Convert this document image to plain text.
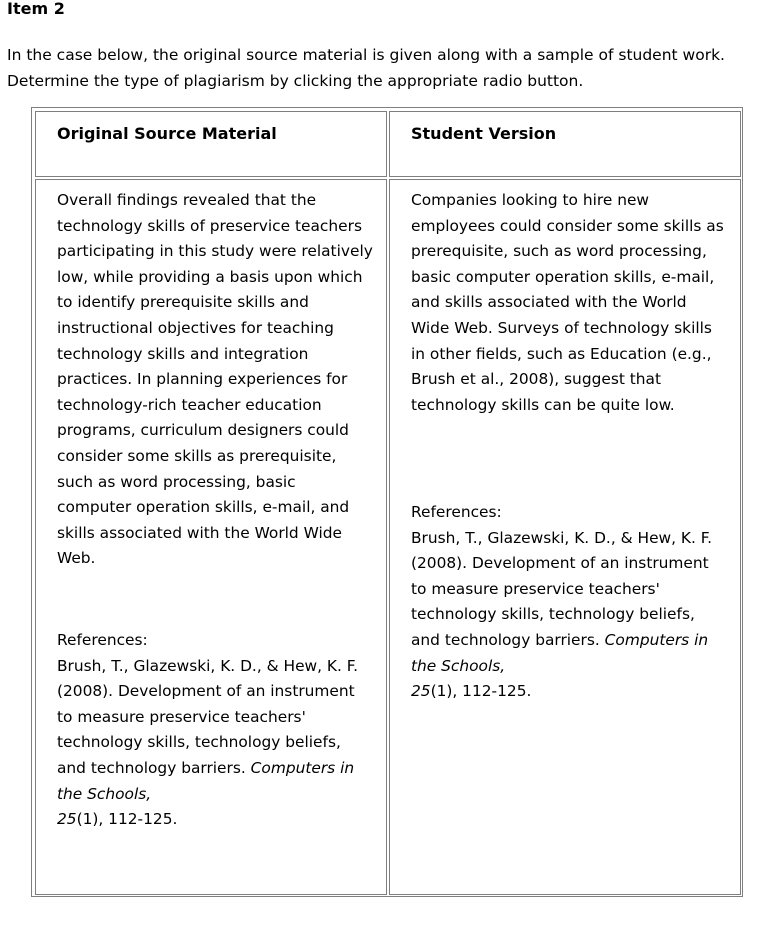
Item 2

In the case below, the original source material is given along with a sample of student work. Determine the type of plagiarism by clicking the appropriate radio button.

Original Source Material	Student Version

Overall findings revealed that the technology skills of preservice teachers participating in this study were relatively low, while providing a basis upon which to identify prerequisite skills and instructional objectives for teaching technology skills and integration practices. In planning experiences for technology-rich teacher education programs, curriculum designers could consider some skills as prerequisite, such as word processing, basic computer operation skills, e-mail, and skills associated with the World Wide Web.

References:

Brush, T., Glazewski, K. D., & Hew, K. F. (2008). Development of an instrument to measure preservice teachers' technology skills, technology beliefs, and technology barriers. Computers in the Schools,
25(1), 112-125.

Companies looking to hire new employees could consider some skills as prerequisite, such as word processing, basic computer operation skills, e-mail, and skills associated with the World Wide Web. Surveys of technology skills in other fields, such as Education (e.g., Brush et al., 2008), suggest that technology skills can be quite low.

References:

Brush, T., Glazewski, K. D., & Hew, K. F. (2008). Development of an instrument to measure preservice teachers' technology skills, technology beliefs, and technology barriers. Computers in the Schools,
25(1), 112-125.
